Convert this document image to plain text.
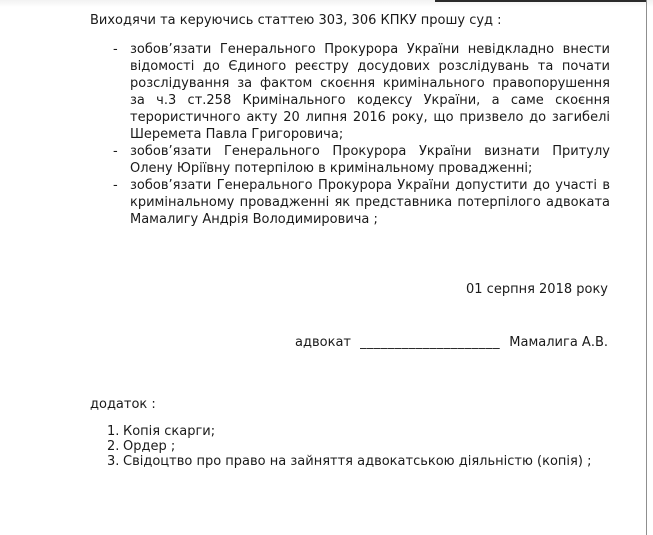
Виходячи та керуючись статтею 303, 306 КПКУ прошу суд :

- зобов’язати Генерального Прокурора України невідкладно внести відомості до Єдиного реєстру досудових розслідувань та почати розслідування за фактом скоєння кримінального правопорушення за ч.3 ст.258 Кримінального кодексу України, а саме скоєння терористичного акту 20 липня 2016 року, що призвело до загибелі Шеремета Павла Григоровича;
- зобов’язати Генерального Прокурора України визнати Притулу Олену Юріївну потерпілою в кримінальному провадженні;
- зобов’язати Генерального Прокурора України допустити до участі в кримінальному провадженні як представника потерпілого адвоката Мамалигу Андрія Володимировича ;
01 серпня 2018 року
адвокат ____________________ Мамалига А.В.
додаток :
1. Копія скарги;
2. Ордер ;
3. Свідоцтво про право на зайняття адвокатською діяльністю (копія) ;
